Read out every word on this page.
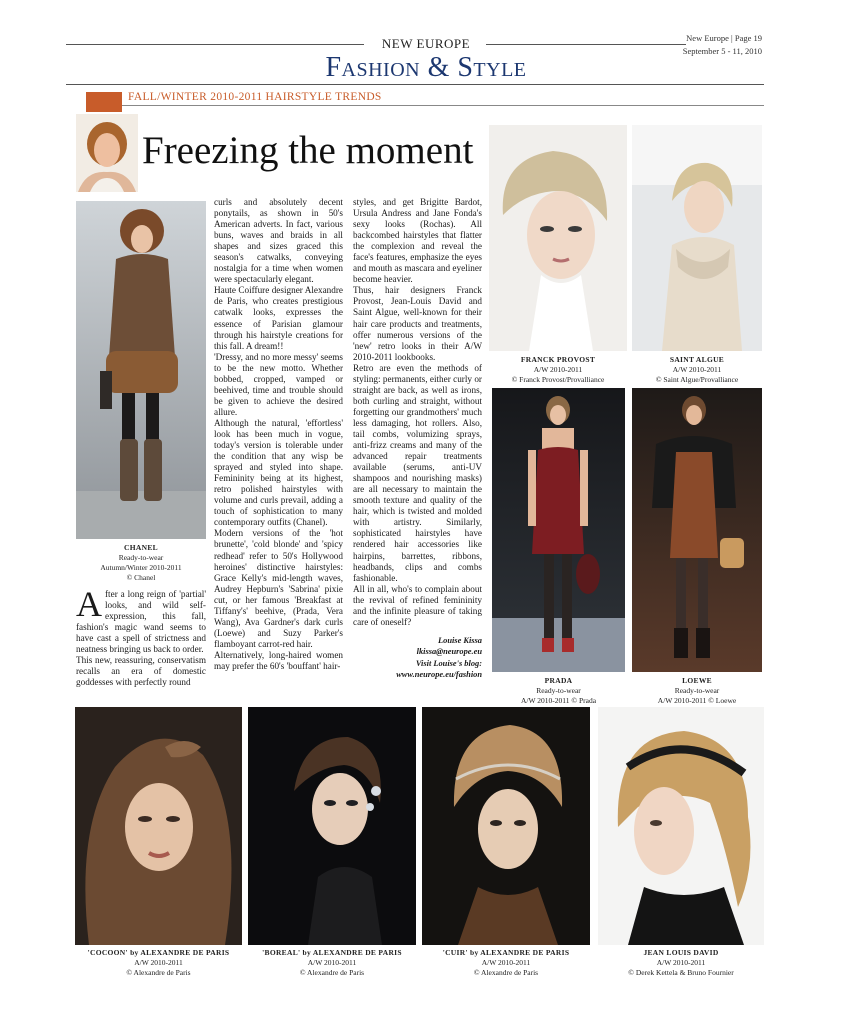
NEW EUROPE
Fashion & Style
New Europe | Page 19
September 5 - 11, 2010
FALL/WINTER 2010-2011 HAIRSTYLE TRENDS
Freezing the moment
CHANEL
Ready-to-wear
Autumn/Winter 2010-2011
© Chanel

After a long reign of 'partial' looks, and wild self-expression, this fall, fashion's magic wand seems to have cast a spell of strictness and neatness bringing us back to order.

This new, reassuring, conservatism recalls an era of domestic goddesses with perfectly round

curls and absolutely decent ponytails, as shown in 50's American adverts. In fact, various buns, waves and braids in all shapes and sizes graced this season's catwalks, conveying nostalgia for a time when women were spectacularly elegant.

Haute Coiffure designer Alexandre de Paris, who creates prestigious catwalk looks, expresses the essence of Parisian glamour through his hairstyle creations for this fall. A dream!!

'Dressy, and no more messy' seems to be the new motto. Whether bobbed, cropped, vamped or beehived, time and trouble should be given to achieve the desired allure.

Although the natural, 'effortless' look has been much in vogue, today's version is tolerable under the condition that any wisp be sprayed and styled into shape. Femininity being at its highest, retro polished hairstyles with volume and curls prevail, adding a touch of sophistication to many contemporary outfits (Chanel).

Modern versions of the 'hot brunette', 'cold blonde' and 'spicy redhead' refer to 50's Hollywood heroines' distinctive hairstyles: Grace Kelly's mid-length waves, Audrey Hepburn's 'Sabrina' pixie cut, or her famous 'Breakfast at Tiffany's' beehive, (Prada, Vera Wang), Ava Gardner's dark curls (Loewe) and Suzy Parker's flamboyant carrot-red hair.

Alternatively, long-haired women may prefer the 60's 'bouffant' hair-

styles, and get Brigitte Bardot, Ursula Andress and Jane Fonda's sexy looks (Rochas). All backcombed hairstyles that flatter the complexion and reveal the face's features, emphasize the eyes and mouth as mascara and eyeliner become heavier.

Thus, hair designers Franck Provost, Jean-Louis David and Saint Algue, well-known for their hair care products and treatments, offer numerous versions of the 'new' retro looks in their A/W 2010-2011 lookbooks.

Retro are even the methods of styling: permanents, either curly or straight are back, as well as irons, both curling and straight, without forgetting our grandmothers' much less damaging, hot rollers. Also, tail combs, volumizing sprays, anti-frizz creams and many of the advanced repair treatments available (serums, anti-UV shampoos and nourishing masks) are all necessary to maintain the smooth texture and quality of the hair, which is twisted and molded with artistry. Similarly, sophisticated hairstyles have rendered hair accessories like hairpins, barrettes, ribbons, headbands, clips and combs fashionable.

All in all, who's to complain about the revival of refined femininity and the infinite pleasure of taking care of oneself?

Louise Kissa
lkissa@neurope.eu
Visit Louise's blog:
www.neurope.eu/fashion
FRANCK PROVOST
A/W 2010-2011
© Franck Provost/Provalliance
SAINT ALGUE
A/W 2010-2011
© Saint Algue/Provalliance
PRADA
Ready-to-wear
A/W 2010-2011 © Prada
LOEWE
Ready-to-wear
A/W 2010-2011 © Loewe
'COCOON' by ALEXANDRE DE PARIS
A/W 2010-2011
© Alexandre de Paris
'BOREAL' by ALEXANDRE DE PARIS
A/W 2010-2011
© Alexandre de Paris
'CUIR' by ALEXANDRE DE PARIS
A/W 2010-2011
© Alexandre de Paris
JEAN LOUIS DAVID
A/W 2010-2011
© Derek Kettela & Bruno Fournier
